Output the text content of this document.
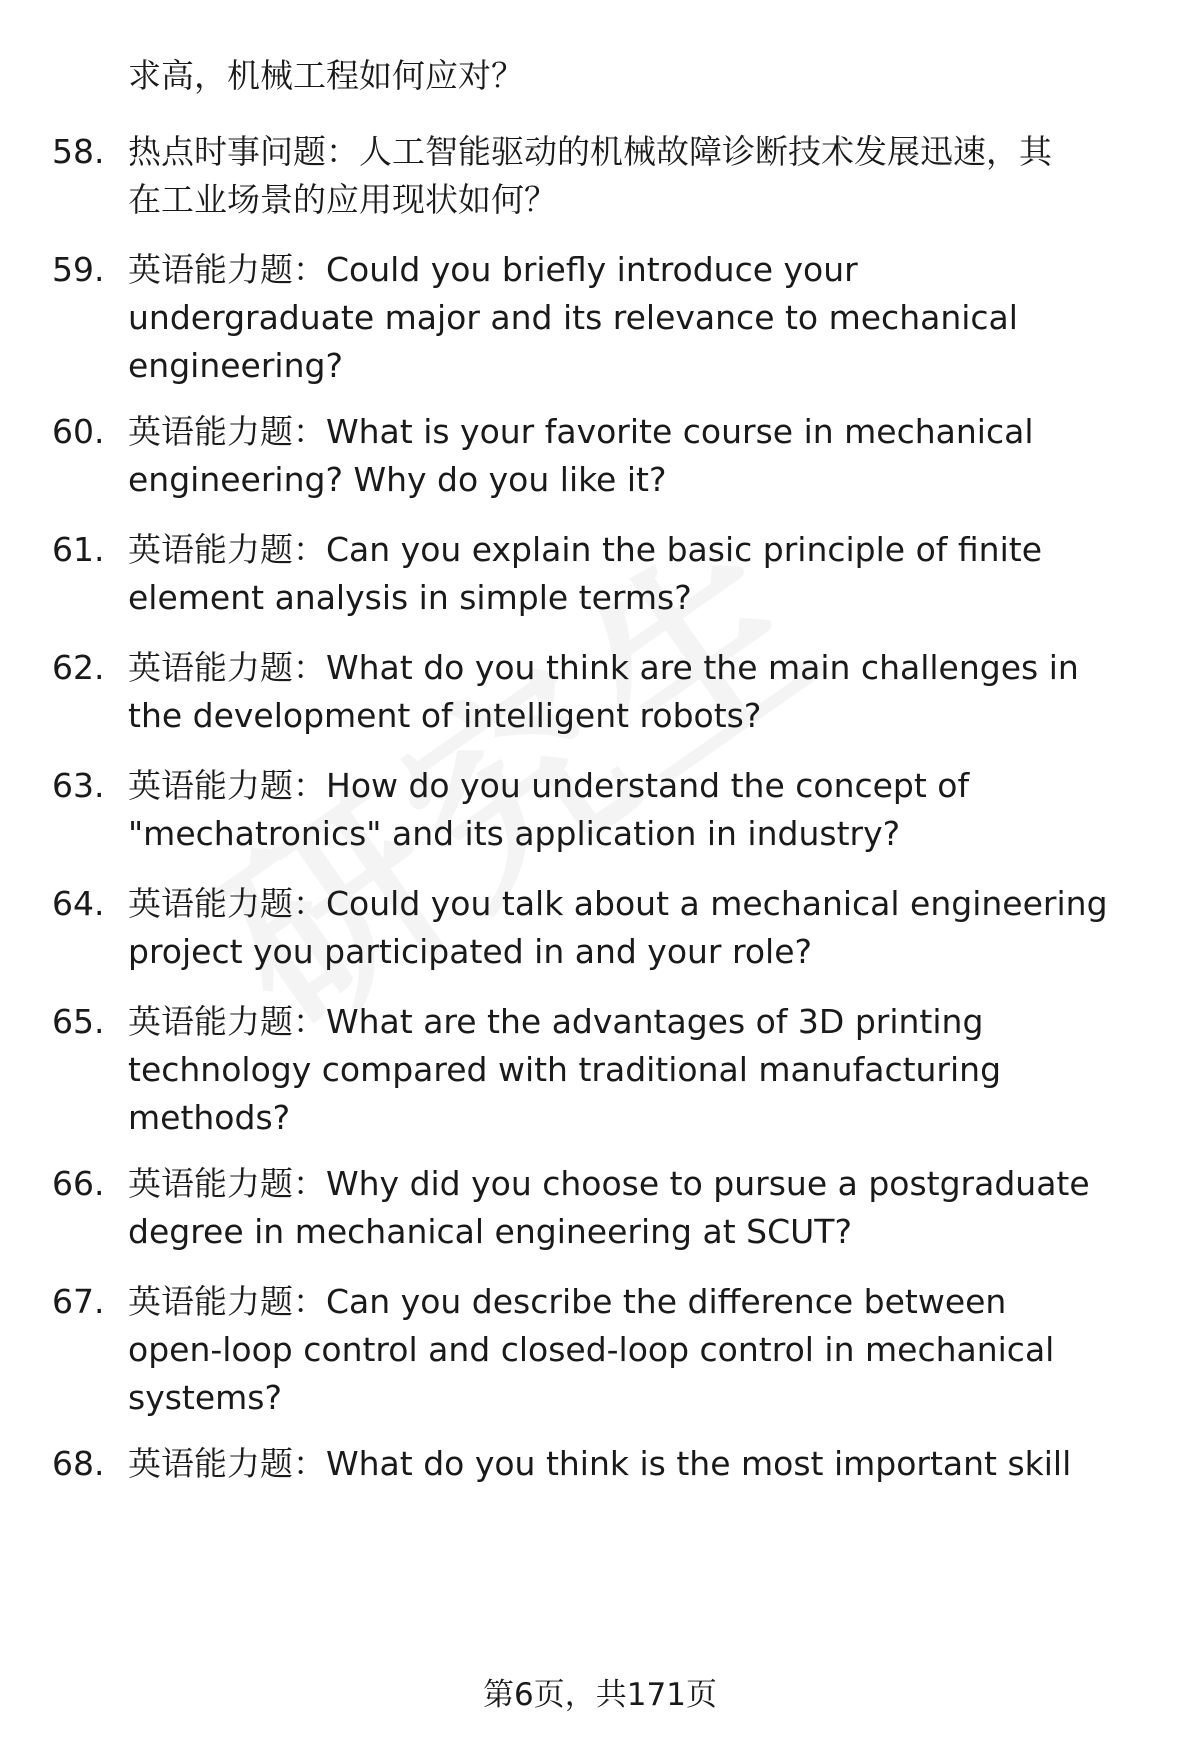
求高，机械工程如何应对？
58. 热点时事问题：人工智能驱动的机械故障诊断技术发展迅速，其
在工业场景的应用现状如何？
59. 英语能力题：Could you briefly introduce your
undergraduate major and its relevance to mechanical
engineering?
60. 英语能力题：What is your favorite course in mechanical
engineering? Why do you like it?
61. 英语能力题：Can you explain the basic principle of finite
element analysis in simple terms?
62. 英语能力题：What do you think are the main challenges in
the development of intelligent robots?
63. 英语能力题：How do you understand the concept of
"mechatronics" and its application in industry?
64. 英语能力题：Could you talk about a mechanical engineering
project you participated in and your role?
65. 英语能力题：What are the advantages of 3D printing
technology compared with traditional manufacturing
methods?
66. 英语能力题：Why did you choose to pursue a postgraduate
degree in mechanical engineering at SCUT?
67. 英语能力题：Can you describe the difference between
open-loop control and closed-loop control in mechanical
systems?
68. 英语能力题：What do you think is the most important skill
第6页，共171页
